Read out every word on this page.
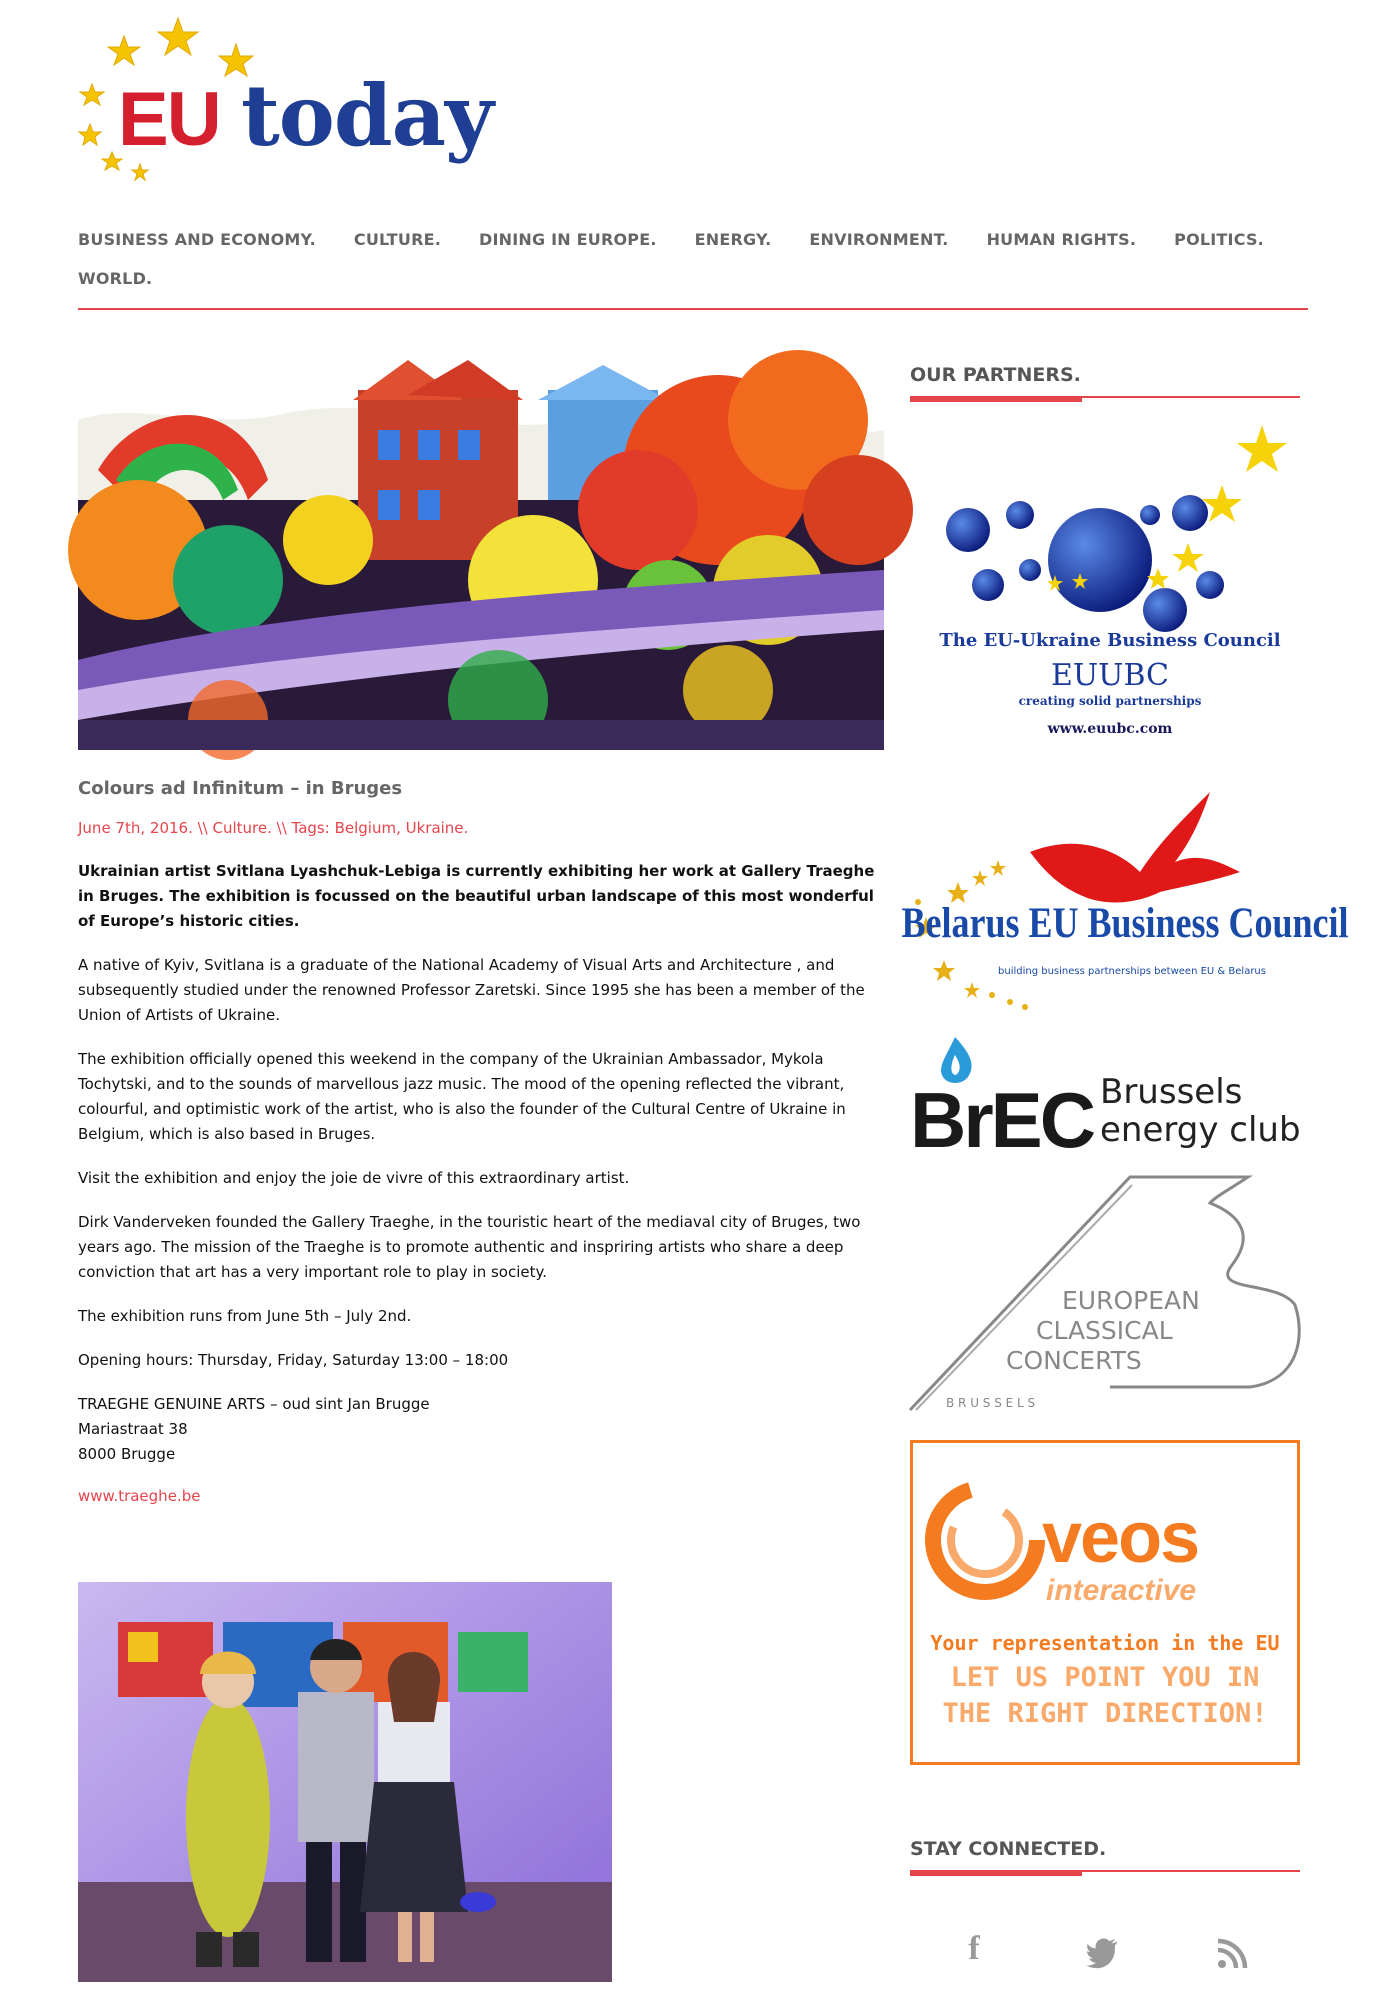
EU today
BUSINESS AND ECONOMY. CULTURE. DINING IN EUROPE. ENERGY. ENVIRONMENT. HUMAN RIGHTS. POLITICS.
WORLD.
Colours ad Infinitum – in Bruges
June 7th, 2016. \\ Culture. \\ Tags: Belgium, Ukraine.

Ukrainian artist Svitlana Lyashchuk-Lebiga is currently exhibiting her work at Gallery Traeghe in Bruges. The exhibition is focussed on the beautiful urban landscape of this most wonderful of Europe’s historic cities.

A native of Kyiv, Svitlana is a graduate of the National Academy of Visual Arts and Architecture , and subsequently studied under the renowned Professor Zaretski. Since 1995 she has been a member of the Union of Artists of Ukraine.

The exhibition officially opened this weekend in the company of the Ukrainian Ambassador, Mykola Tochytski, and to the sounds of marvellous jazz music. The mood of the opening reflected the vibrant, colourful, and optimistic work of the artist, who is also the founder of the Cultural Centre of Ukraine in Belgium, which is also based in Bruges.

Visit the exhibition and enjoy the joie de vivre of this extraordinary artist.

Dirk Vanderveken founded the Gallery Traeghe, in the touristic heart of the mediaval city of Bruges, two years ago. The mission of the Traeghe is to promote authentic and inspriring artists who share a deep conviction that art has a very important role to play in society.

The exhibition runs from June 5th – July 2nd.

Opening hours: Thursday, Friday, Saturday 13:00 – 18:00

TRAEGHE GENUINE ARTS – oud sint Jan Brugge
Mariastraat 38
8000 Brugge

www.traeghe.be
OUR PARTNERS.
The EU-Ukraine Business Council
EUUBC
creating solid partnerships
www.euubc.com
Belarus EU Business Council
building business partnerships between EU & Belarus
BrEC Brussels
energy club
EUROPEAN
CLASSICAL
CONCERTS
B R U S S E L S
veos
interactive
Your representation in the EU
LET US POINT YOU IN
THE RIGHT DIRECTION!
STAY CONNECTED.
f
